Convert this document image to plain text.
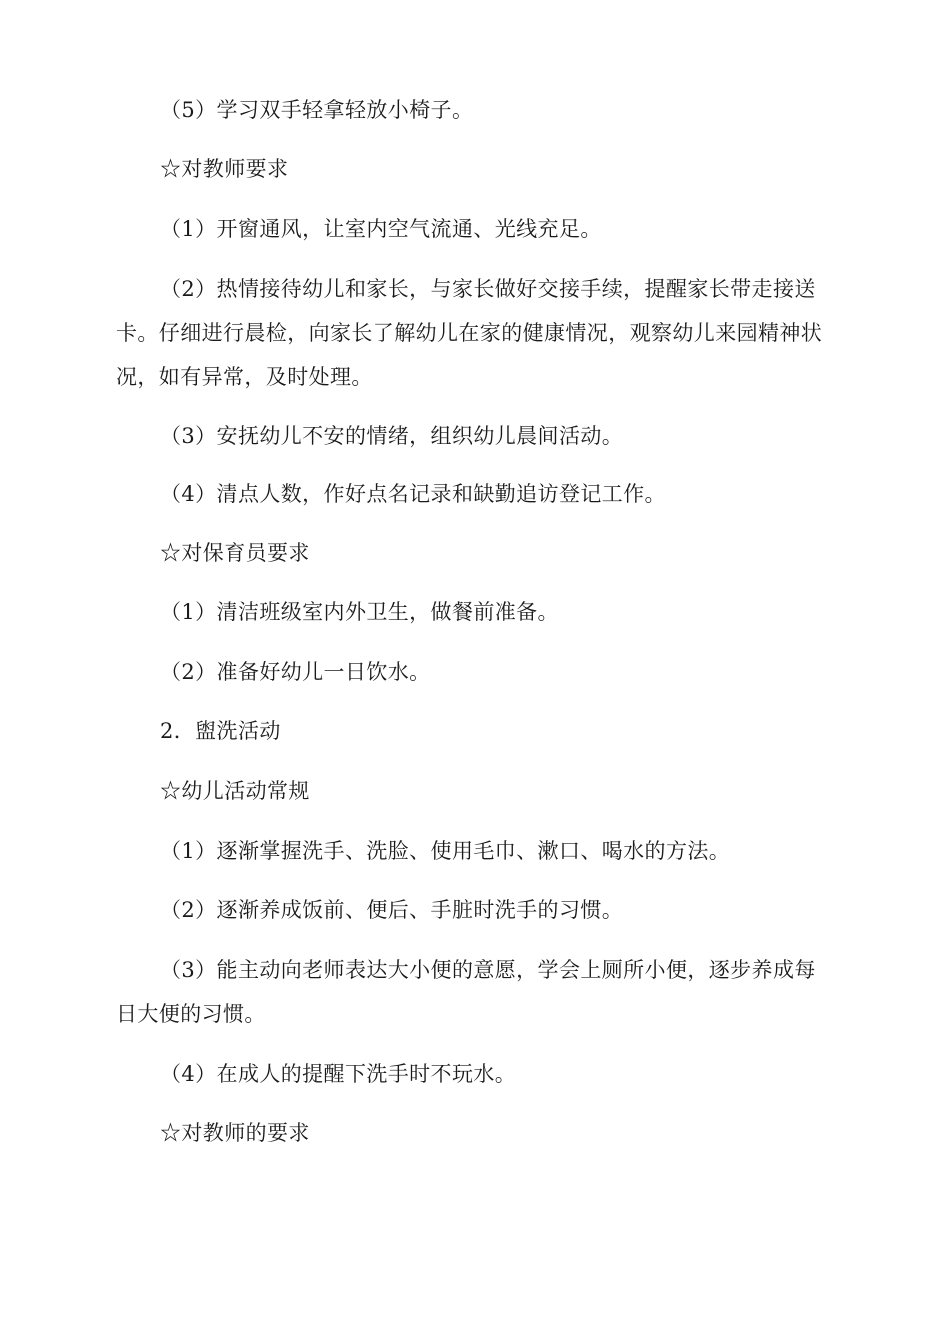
（5）学习双手轻拿轻放小椅子。

☆对教师要求

（1）开窗通风，让室内空气流通、光线充足。

（2）热情接待幼儿和家长，与家长做好交接手续，提醒家长带走接送卡。仔细进行晨检，向家长了解幼儿在家的健康情况，观察幼儿来园精神状况，如有异常，及时处理。

（3）安抚幼儿不安的情绪，组织幼儿晨间活动。

（4）清点人数，作好点名记录和缺勤追访登记工作。

☆对保育员要求

（1）清洁班级室内外卫生，做餐前准备。

（2）准备好幼儿一日饮水。

2．盥洗活动

☆幼儿活动常规

（1）逐渐掌握洗手、洗脸、使用毛巾、漱口、喝水的方法。

（2）逐渐养成饭前、便后、手脏时洗手的习惯。

（3）能主动向老师表达大小便的意愿，学会上厕所小便，逐步养成每日大便的习惯。

（4）在成人的提醒下洗手时不玩水。

☆对教师的要求
